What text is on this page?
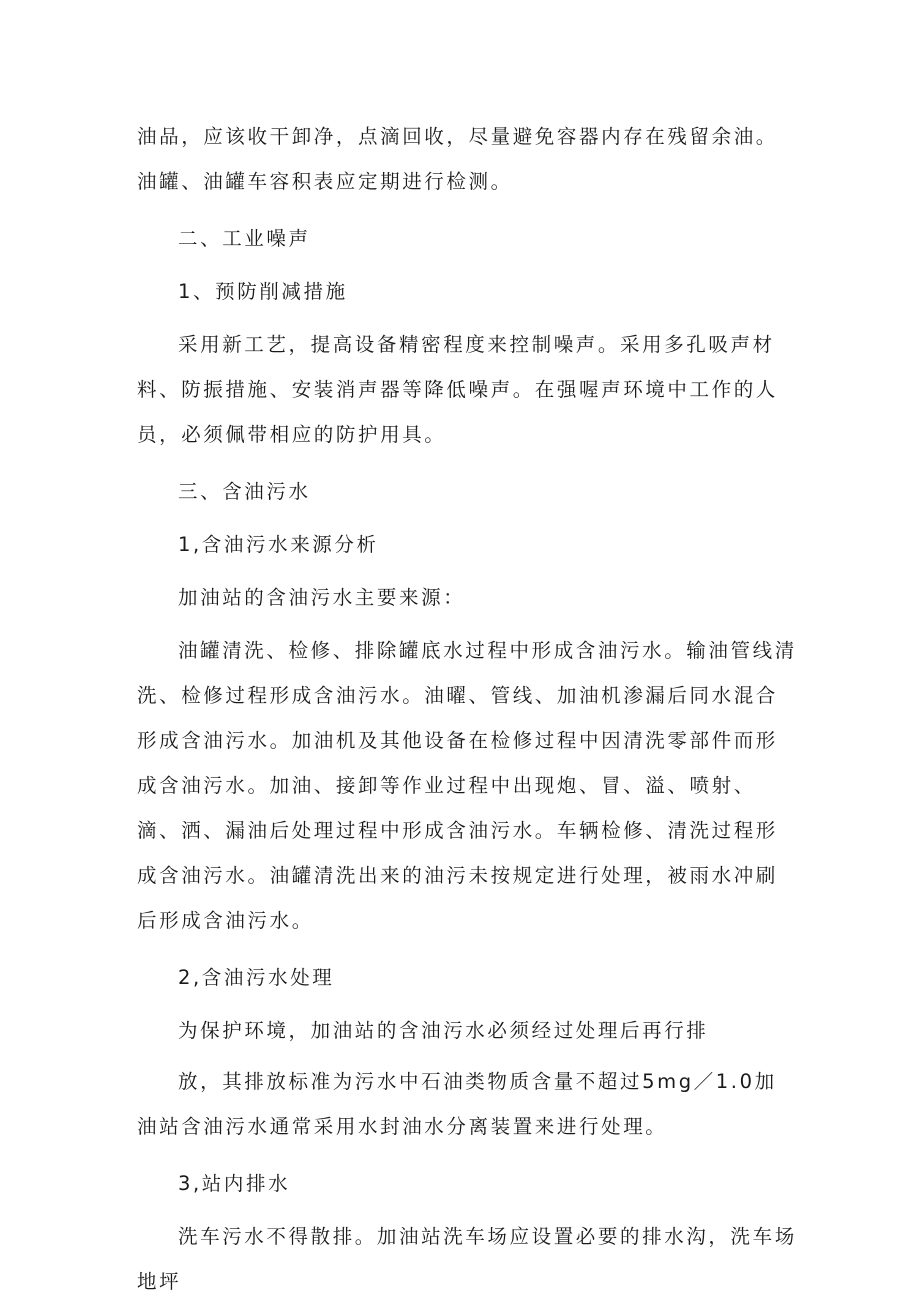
油品，应该收干卸净，点滴回收，尽量避免容器内存在残留余油。油罐、油罐车容积表应定期进行检测。

二、工业噪声

1、预防削减措施

采用新工艺，提高设备精密程度来控制噪声。采用多孔吸声材料、防振措施、安装消声器等降低噪声。在强喔声环境中工作的人员，必须佩带相应的防护用具。

三、含油污水

1,含油污水来源分析

加油站的含油污水主要来源：

油罐清洗、检修、排除罐底水过程中形成含油污水。输油管线清洗、检修过程形成含油污水。油曜、管线、加油机渗漏后同水混合形成含油污水。加油机及其他设备在检修过程中因清洗零部件而形成含油污水。加油、接卸等作业过程中出现炮、冒、溢、喷射、滴、洒、漏油后处理过程中形成含油污水。车辆检修、清洗过程形成含油污水。油罐清洗出来的油污未按规定进行处理，被雨水冲刷后形成含油污水。

2,含油污水处理

为保护环境，加油站的含油污水必须经过处理后再行排

放，其排放标准为污水中石油类物质含量不超过5mg／1.0加油站含油污水通常采用水封油水分离装置来进行处理。

3,站内排水

洗车污水不得散排。加油站洗车场应设置必要的排水沟，洗车场地坪
